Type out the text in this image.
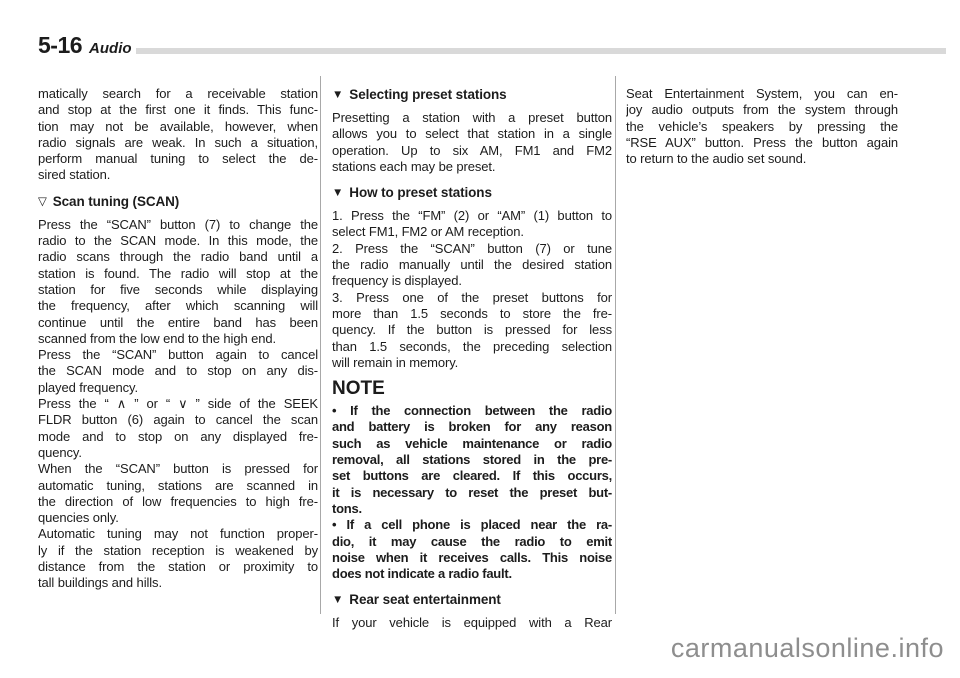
5-16 Audio
matically search for a receivable station
and stop at the first one it finds. This func-
tion may not be available, however, when
radio signals are weak. In such a situation,
perform manual tuning to select the de-
sired station.
▽ Scan tuning (SCAN)
Press the “SCAN” button (7) to change the
radio to the SCAN mode. In this mode, the
radio scans through the radio band until a
station is found. The radio will stop at the
station for five seconds while displaying
the frequency, after which scanning will
continue until the entire band has been
scanned from the low end to the high end.
Press the “SCAN” button again to cancel
the SCAN mode and to stop on any dis-
played frequency.
Press the “ ∧ ” or “ ∨ ” side of the SEEK
FLDR button (6) again to cancel the scan
mode and to stop on any displayed fre-
quency.
When the “SCAN” button is pressed for
automatic tuning, stations are scanned in
the direction of low frequencies to high fre-
quencies only.
Automatic tuning may not function proper-
ly if the station reception is weakened by
distance from the station or proximity to
tall buildings and hills.
▼ Selecting preset stations
Presetting a station with a preset button
allows you to select that station in a single
operation. Up to six AM, FM1 and FM2
stations each may be preset.
▼ How to preset stations
1. Press the “FM” (2) or “AM” (1) button to
select FM1, FM2 or AM reception.
2. Press the “SCAN” button (7) or tune
the radio manually until the desired station
frequency is displayed.
3. Press one of the preset buttons for
more than 1.5 seconds to store the fre-
quency. If the button is pressed for less
than 1.5 seconds, the preceding selection
will remain in memory.
NOTE
• If the connection between the radio
and battery is broken for any reason
such as vehicle maintenance or radio
removal, all stations stored in the pre-
set buttons are cleared. If this occurs,
it is necessary to reset the preset but-
tons.
• If a cell phone is placed near the ra-
dio, it may cause the radio to emit
noise when it receives calls. This noise
does not indicate a radio fault.
▼ Rear seat entertainment
If your vehicle is equipped with a Rear
Seat Entertainment System, you can en-
joy audio outputs from the system through
the vehicle’s speakers by pressing the
“RSE AUX” button. Press the button again
to return to the audio set sound.
carmanualsonline.info
